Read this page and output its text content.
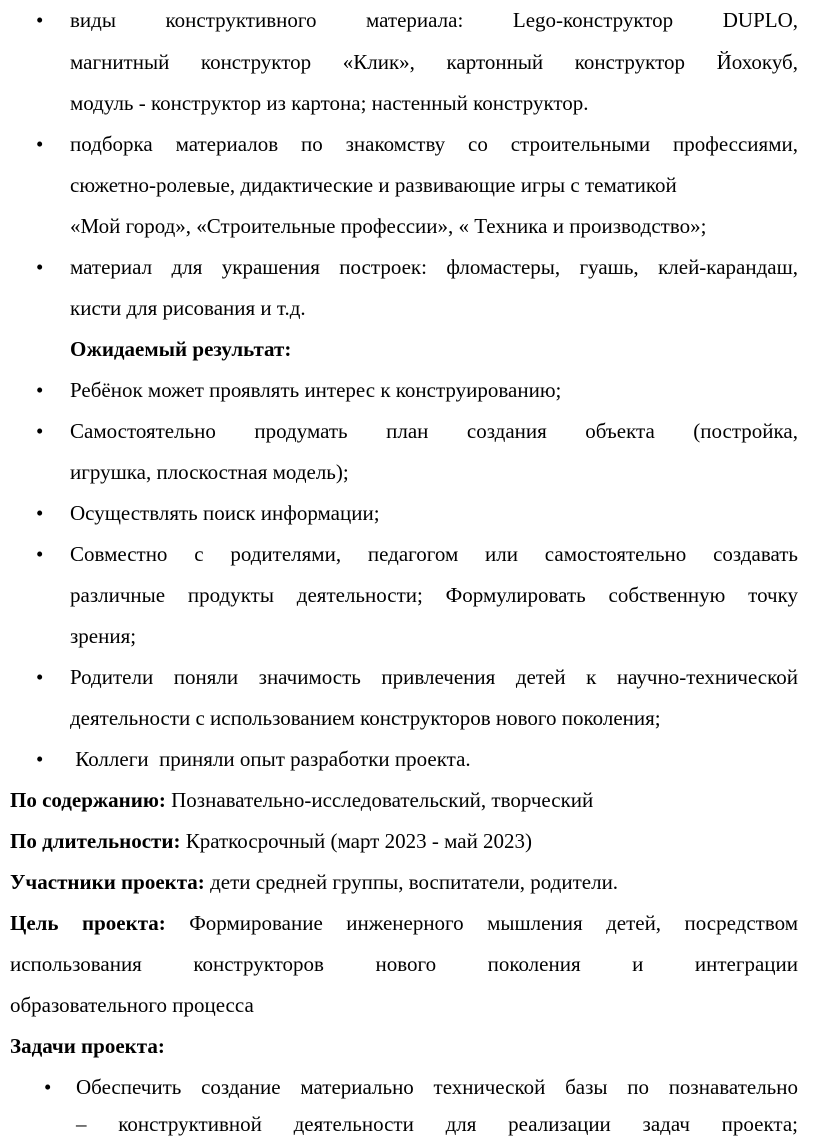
• виды конструктивного материала: Lego-конструктор DUPLO,
магнитный конструктор «Клик», картонный конструктор Йохокуб,
модуль - конструктор из картона; настенный конструктор.
• подборка материалов по знакомству со строительными профессиями,
сюжетно-ролевые, дидактические и развивающие игры с тематикой
«Мой город», «Строительные профессии», « Техника и производство»;
• материал для украшения построек: фломастеры, гуашь, клей-карандаш,
кисти для рисования и т.д.
Ожидаемый результат:
• Ребёнок может проявлять интерес к конструированию;
• Самостоятельно продумать план создания объекта (постройка,
игрушка, плоскостная модель);
• Осуществлять поиск информации;
• Совместно с родителями, педагогом или самостоятельно создавать
различные продукты деятельности; Формулировать собственную точку
зрения;
• Родители поняли значимость привлечения детей к научно-технической
деятельности с использованием конструкторов нового поколения;
• Коллеги  приняли опыт разработки проекта.
По содержанию: Познавательно-исследовательский, творческий
По длительности: Краткосрочный (март 2023 - май 2023)
Участники проекта: дети средней группы, воспитатели, родители.
Цель проекта: Формирование инженерного мышления детей, посредством
использования конструкторов нового поколения и интеграции
образовательного процесса
Задачи проекта:
• Обеспечить создание материально технической базы по познавательно
– конструктивной деятельности для реализации задач проекта;
